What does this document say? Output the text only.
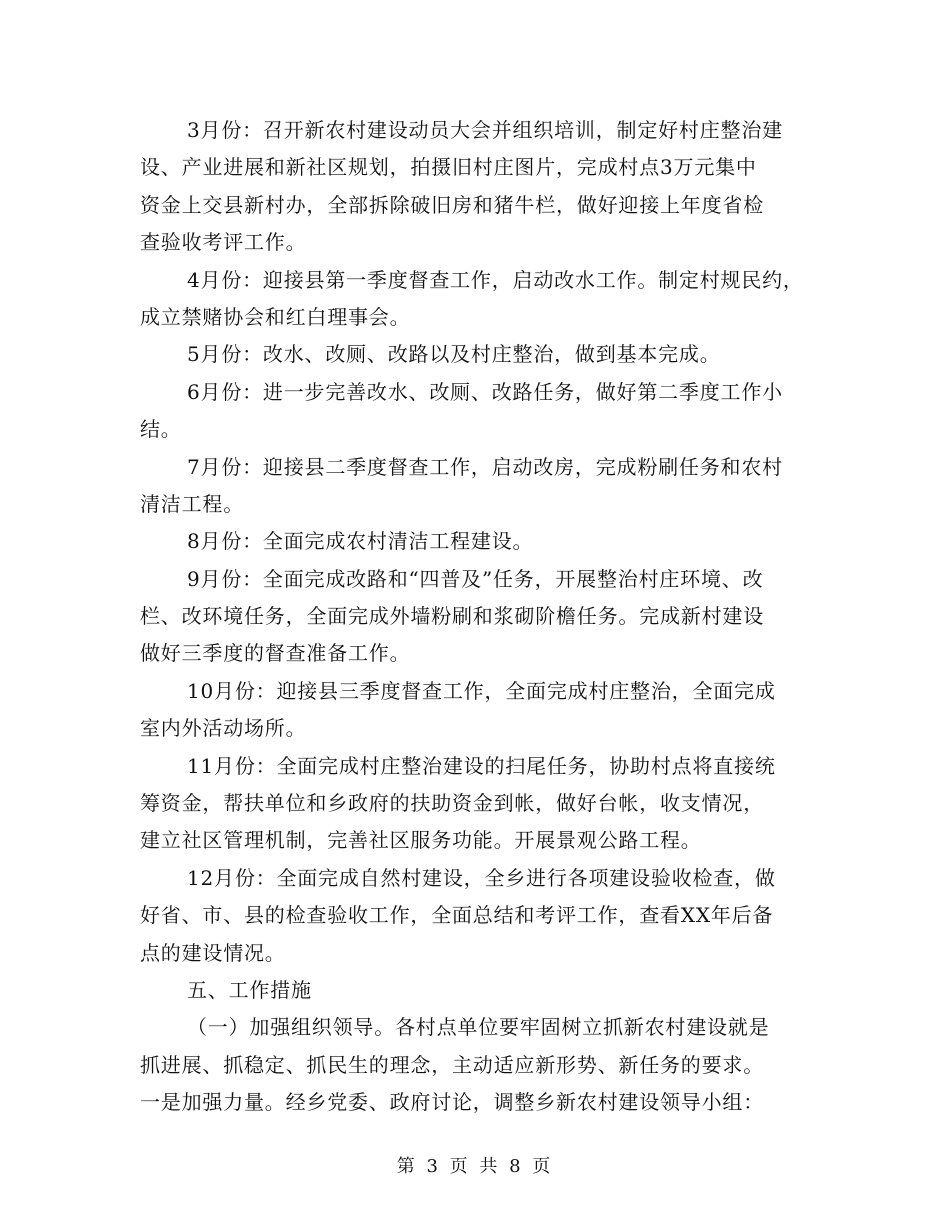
3月份：召开新农村建设动员大会并组织培训，制定好村庄整治建
设、产业进展和新社区规划，拍摄旧村庄图片，完成村点3万元集中
资金上交县新村办，全部拆除破旧房和猪牛栏，做好迎接上年度省检
查验收考评工作。
4月份：迎接县第一季度督查工作，启动改水工作。制定村规民约，
成立禁赌协会和红白理事会。
5月份：改水、改厕、改路以及村庄整治，做到基本完成。
6月份：进一步完善改水、改厕、改路任务，做好第二季度工作小
结。
7月份：迎接县二季度督查工作，启动改房，完成粉刷任务和农村
清洁工程。
8月份：全面完成农村清洁工程建设。
9月份：全面完成改路和“四普及”任务，开展整治村庄环境、改
栏、改环境任务，全面完成外墙粉刷和浆砌阶檐任务。完成新村建设
做好三季度的督查准备工作。
10月份：迎接县三季度督查工作，全面完成村庄整治，全面完成
室内外活动场所。
11月份：全面完成村庄整治建设的扫尾任务，协助村点将直接统
筹资金，帮扶单位和乡政府的扶助资金到帐，做好台帐，收支情况，
建立社区管理机制，完善社区服务功能。开展景观公路工程。
12月份：全面完成自然村建设，全乡进行各项建设验收检查，做
好省、市、县的检查验收工作，全面总结和考评工作，查看XX年后备
点的建设情况。
五、工作措施
（一）加强组织领导。各村点单位要牢固树立抓新农村建设就是
抓进展、抓稳定、抓民生的理念，主动适应新形势、新任务的要求。
一是加强力量。经乡党委、政府讨论，调整乡新农村建设领导小组：
第 3 页 共 8 页
